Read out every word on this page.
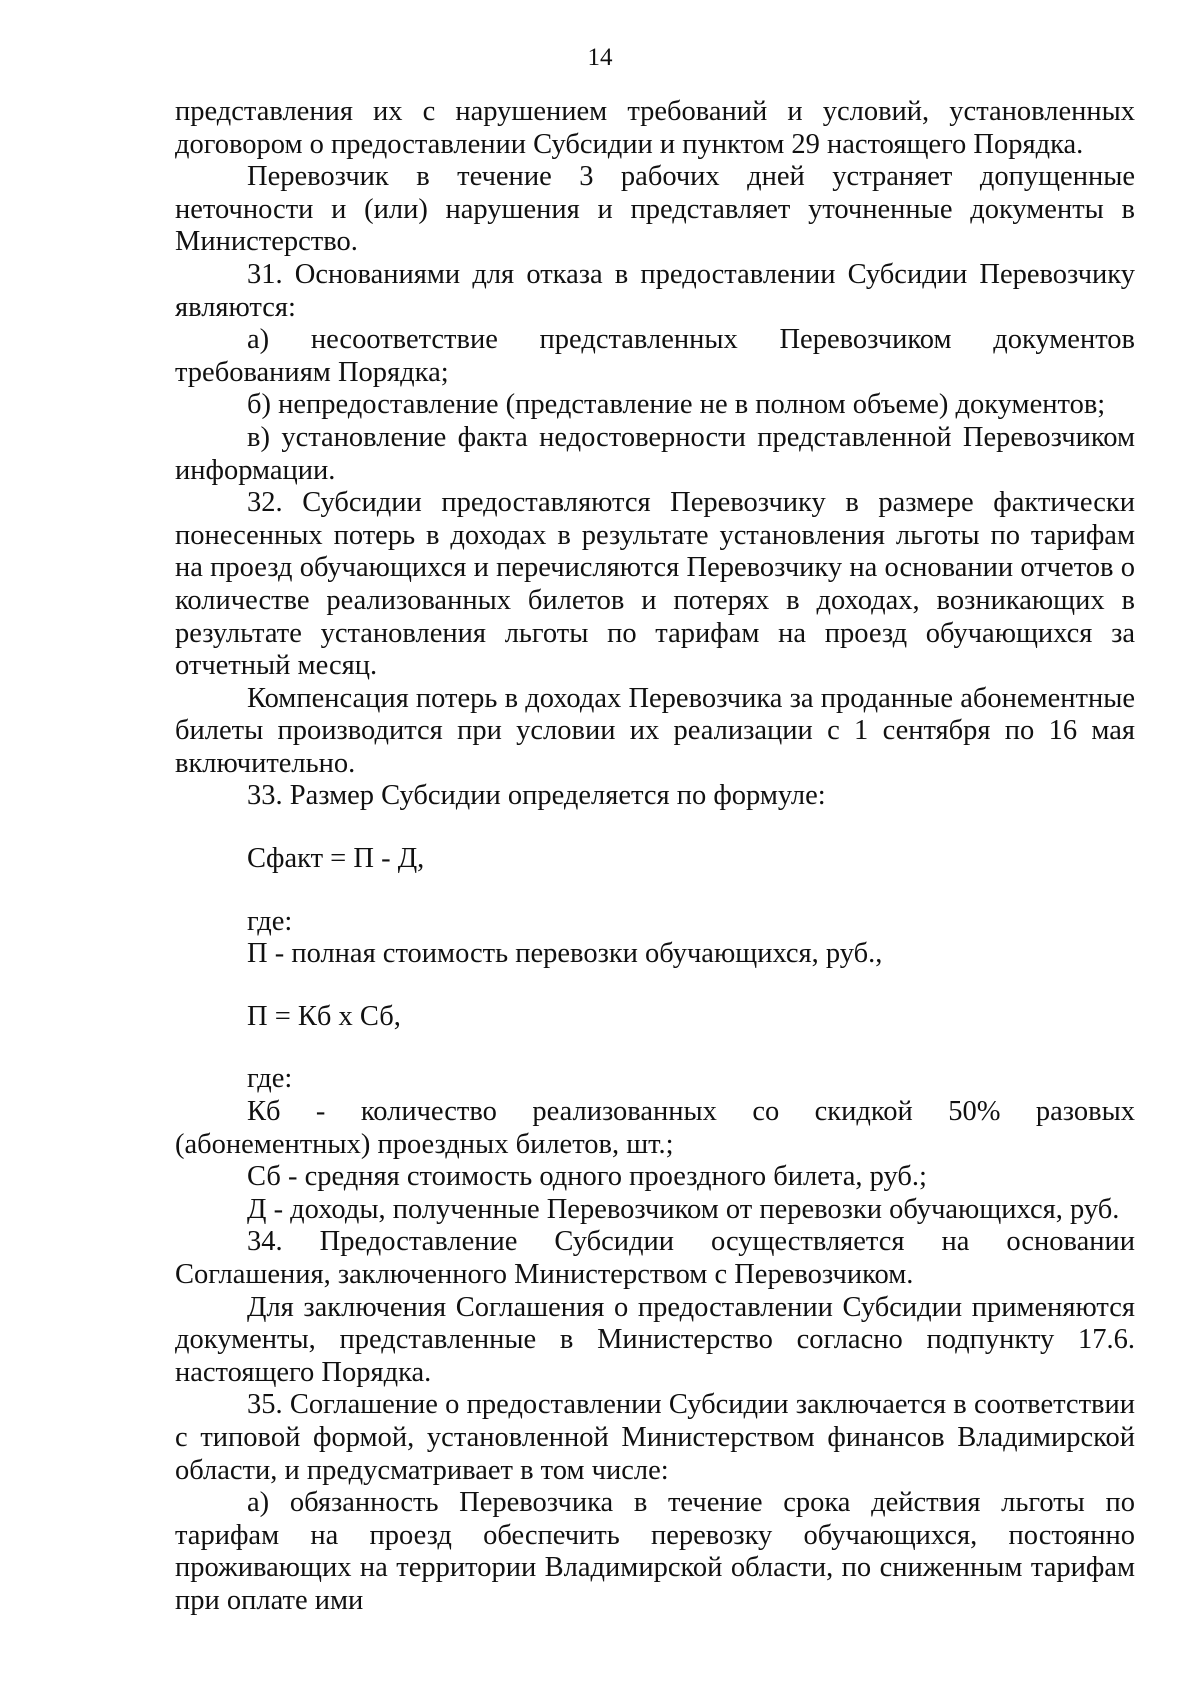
14

представления их с нарушением требований и условий, установленных договором о предоставлении Субсидии и пунктом 29 настоящего Порядка.

Перевозчик в течение 3 рабочих дней устраняет допущенные неточности и (или) нарушения и представляет уточненные документы в Министерство.

31. Основаниями для отказа в предоставлении Субсидии Перевозчику являются:

а) несоответствие представленных Перевозчиком документов требованиям Порядка;

б) непредоставление (представление не в полном объеме) документов;

в) установление факта недостоверности представленной Перевозчиком информации.

32. Субсидии предоставляются Перевозчику в размере фактически понесенных потерь в доходах в результате установления льготы по тарифам на проезд обучающихся и перечисляются Перевозчику на основании отчетов о количестве реализованных билетов и потерях в доходах, возникающих в результате установления льготы по тарифам на проезд обучающихся за отчетный месяц.

Компенсация потерь в доходах Перевозчика за проданные абонементные билеты производится при условии их реализации с 1 сентября по 16 мая включительно.

33. Размер Субсидии определяется по формуле:

Сфакт = П - Д,

где:

П - полная стоимость перевозки обучающихся, руб.,

П = Кб х Сб,

где:

Кб - количество реализованных со скидкой 50% разовых (абонементных) проездных билетов, шт.;

Сб - средняя стоимость одного проездного билета, руб.;

Д - доходы, полученные Перевозчиком от перевозки обучающихся, руб.

34. Предоставление Субсидии осуществляется на основании Соглашения, заключенного Министерством с Перевозчиком.

Для заключения Соглашения о предоставлении Субсидии применяются документы, представленные в Министерство согласно подпункту 17.6. настоящего Порядка.

35. Соглашение о предоставлении Субсидии заключается в соответствии с типовой формой, установленной Министерством финансов Владимирской области, и предусматривает в том числе:

а) обязанность Перевозчика в течение срока действия льготы по тарифам на проезд обеспечить перевозку обучающихся, постоянно проживающих на территории Владимирской области, по сниженным тарифам при оплате ими
